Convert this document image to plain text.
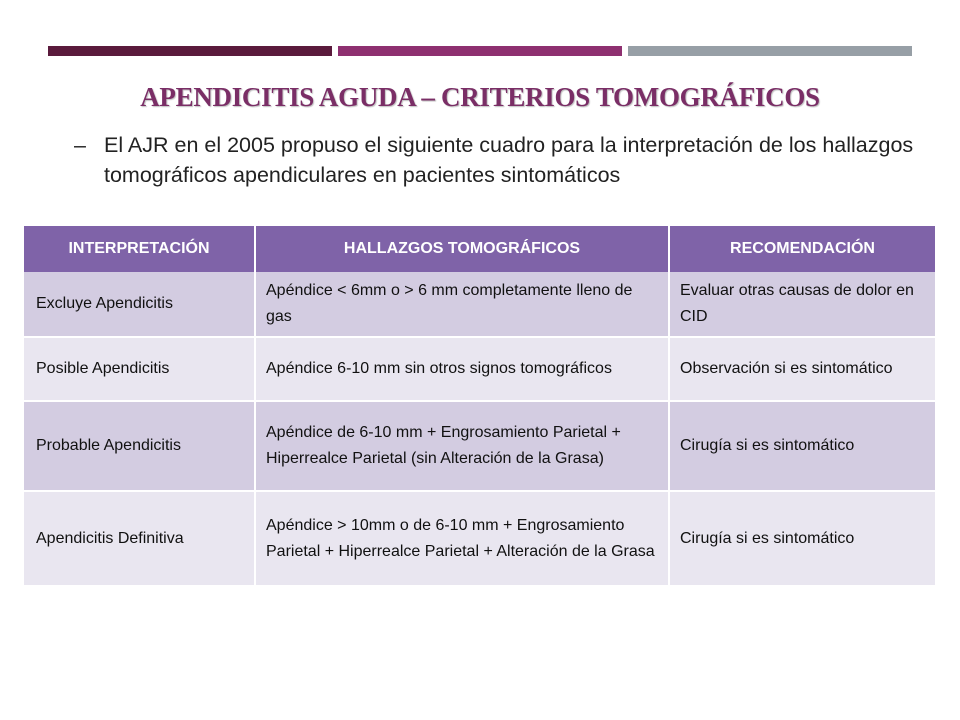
APENDICITIS AGUDA – CRITERIOS TOMOGRÁFICOS
– El AJR en el 2005 propuso el siguiente cuadro para la interpretación de los hallazgos tomográficos apendiculares en pacientes sintomáticos
INTERPRETACIÓN	HALLAZGOS TOMOGRÁFICOS	RECOMENDACIÓN
Excluye Apendicitis	Apéndice < 6mm o > 6 mm completamente lleno de gas	Evaluar otras causas de dolor en CID
Posible Apendicitis	Apéndice 6-10 mm sin otros signos tomográficos	Observación si es sintomático
Probable Apendicitis	Apéndice de 6-10 mm + Engrosamiento Parietal + Hiperrealce Parietal (sin Alteración de la Grasa)	Cirugía si es sintomático
Apendicitis Definitiva	Apéndice > 10mm o de 6-10 mm + Engrosamiento Parietal + Hiperrealce Parietal + Alteración de la Grasa	Cirugía si es sintomático
